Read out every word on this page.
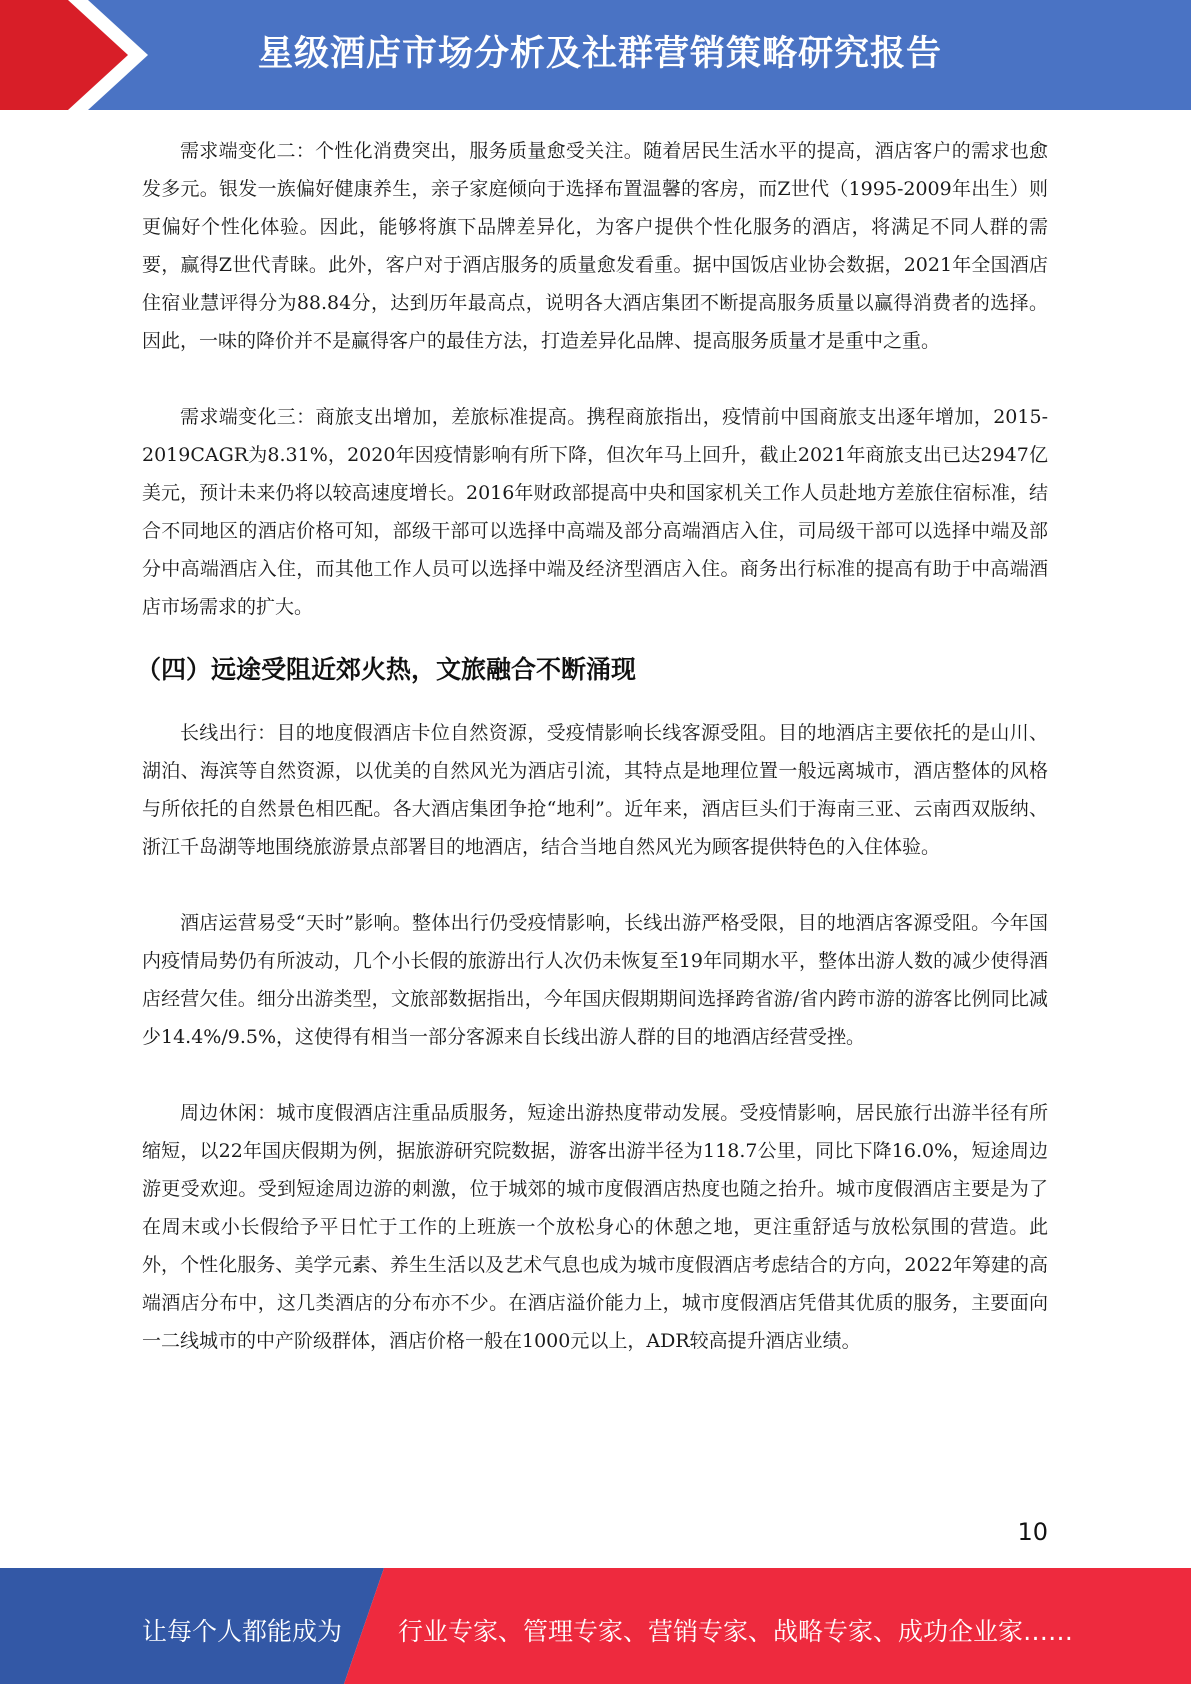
星级酒店市场分析及社群营销策略研究报告

需求端变化二：个性化消费突出，服务质量愈受关注。随着居民生活水平的提高，酒店客户的需求也愈发多元。银发一族偏好健康养生，亲子家庭倾向于选择布置温馨的客房，而Z世代（1995-2009年出生）则更偏好个性化体验。因此，能够将旗下品牌差异化，为客户提供个性化服务的酒店，将满足不同人群的需要，赢得Z世代青睐。此外，客户对于酒店服务的质量愈发看重。据中国饭店业协会数据，2021年全国酒店住宿业慧评得分为88.84分，达到历年最高点，说明各大酒店集团不断提高服务质量以赢得消费者的选择。因此，一味的降价并不是赢得客户的最佳方法，打造差异化品牌、提高服务质量才是重中之重。

需求端变化三：商旅支出增加，差旅标准提高。携程商旅指出，疫情前中国商旅支出逐年增加，2015-2019CAGR为8.31%，2020年因疫情影响有所下降，但次年马上回升，截止2021年商旅支出已达2947亿美元，预计未来仍将以较高速度增长。2016年财政部提高中央和国家机关工作人员赴地方差旅住宿标准，结合不同地区的酒店价格可知，部级干部可以选择中高端及部分高端酒店入住，司局级干部可以选择中端及部分中高端酒店入住，而其他工作人员可以选择中端及经济型酒店入住。商务出行标准的提高有助于中高端酒店市场需求的扩大。

（四）远途受阻近郊火热，文旅融合不断涌现

长线出行：目的地度假酒店卡位自然资源，受疫情影响长线客源受阻。目的地酒店主要依托的是山川、湖泊、海滨等自然资源，以优美的自然风光为酒店引流，其特点是地理位置一般远离城市，酒店整体的风格与所依托的自然景色相匹配。各大酒店集团争抢“地利”。近年来，酒店巨头们于海南三亚、云南西双版纳、浙江千岛湖等地围绕旅游景点部署目的地酒店，结合当地自然风光为顾客提供特色的入住体验。

酒店运营易受“天时”影响。整体出行仍受疫情影响，长线出游严格受限，目的地酒店客源受阻。今年国内疫情局势仍有所波动，几个小长假的旅游出行人次仍未恢复至19年同期水平，整体出游人数的减少使得酒店经营欠佳。细分出游类型，文旅部数据指出，今年国庆假期期间选择跨省游/省内跨市游的游客比例同比减少14.4%/9.5%，这使得有相当一部分客源来自长线出游人群的目的地酒店经营受挫。

周边休闲：城市度假酒店注重品质服务，短途出游热度带动发展。受疫情影响，居民旅行出游半径有所缩短，以22年国庆假期为例，据旅游研究院数据，游客出游半径为118.7公里，同比下降16.0%，短途周边游更受欢迎。受到短途周边游的刺激，位于城郊的城市度假酒店热度也随之抬升。城市度假酒店主要是为了在周末或小长假给予平日忙于工作的上班族一个放松身心的休憩之地，更注重舒适与放松氛围的营造。此外，个性化服务、美学元素、养生生活以及艺术气息也成为城市度假酒店考虑结合的方向，2022年筹建的高端酒店分布中，这几类酒店的分布亦不少。在酒店溢价能力上，城市度假酒店凭借其优质的服务，主要面向一二线城市的中产阶级群体，酒店价格一般在1000元以上，ADR较高提升酒店业绩。

10
让每个人都能成为 行业专家、管理专家、营销专家、战略专家、成功企业家……
